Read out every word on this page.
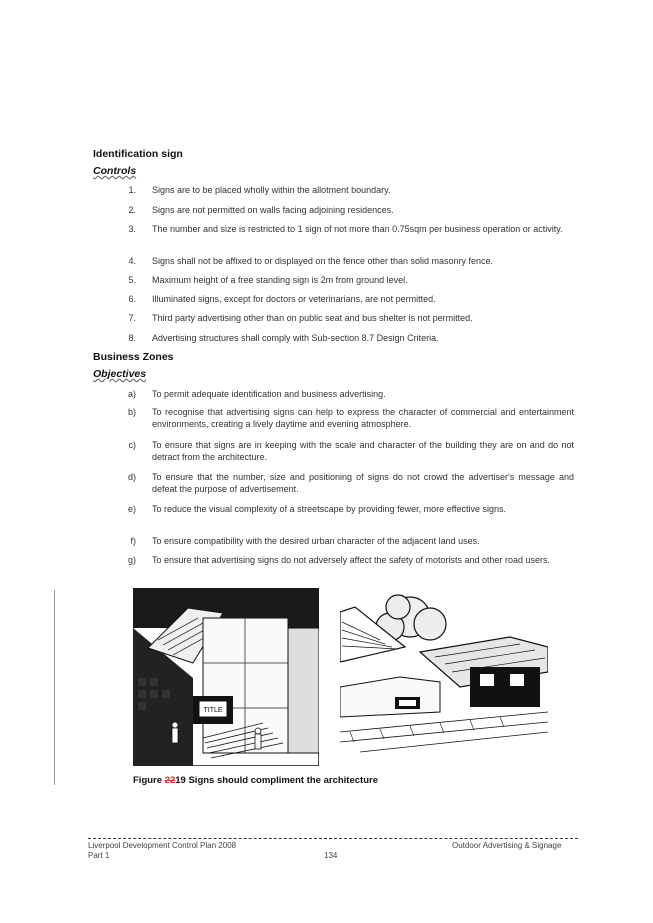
Identification sign
Controls
1. Signs are to be placed wholly within the allotment boundary.
2. Signs are not permitted on walls facing adjoining residences.
3. The number and size is restricted to 1 sign of not more than 0.75sqm per business operation or activity.
4. Signs shall not be affixed to or displayed on the fence other than solid masonry fence.
5. Maximum height of a free standing sign is 2m from ground level.
6. Illuminated signs, except for doctors or veterinarians, are not permitted.
7. Third party advertising other than on public seat and bus shelter is not permitted.
8. Advertising structures shall comply with Sub-section 8.7 Design Criteria.
Business Zones
Objectives
a) To permit adequate identification and business advertising.
b) To recognise that advertising signs can help to express the character of commercial and entertainment environments, creating a lively daytime and evening atmosphere.
c) To ensure that signs are in keeping with the scale and character of the building they are on and do not detract from the architecture.
d) To ensure that the number, size and positioning of signs do not crowd the advertiser's message and defeat the purpose of advertisement.
e) To reduce the visual complexity of a streetscape by providing fewer, more effective signs.
f) To ensure compatibility with the desired urban character of the adjacent land uses.
g) To ensure that advertising signs do not adversely affect the safety of motorists and other road users.
TITLE
Figure 2219 Signs should compliment the architecture
Liverpool Development Control Plan 2008
Part 1	134
Outdoor Advertising & Signage
